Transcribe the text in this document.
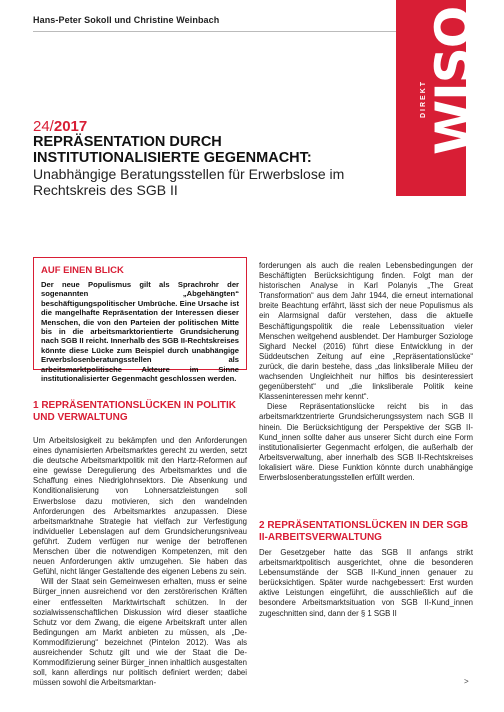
Hans-Peter Sokoll und Christine Weinbach	WISO
DIREKT
24/2017
REPRÄSENTATION DURCH INSTITUTIONALISIERTE GEGENMACHT:
Unabhängige Beratungsstellen für Erwerbslose im Rechtskreis des SGB II
AUF EINEN BLICK
Der neue Populismus gilt als Sprachrohr der sogenannten „Abgehängten“ beschäftigungspolitischer Umbrüche. Eine Ursache ist die mangelhafte Repräsentation der Interessen dieser Menschen, die von den Parteien der politischen Mitte bis in die arbeitsmarktorientierte Grundsicherung nach SGB II reicht. Innerhalb des SGB II-Rechtskreises könnte diese Lücke zum Beispiel durch unabhängige Erwerbslosenberatungsstellen als arbeitsmarktpolitische Akteure im Sinne institutionalisierter Gegenmacht geschlossen werden.
1 REPRÄSENTATIONSLÜCKEN IN POLITIK UND VERWALTUNG

Um Arbeitslosigkeit zu bekämpfen und den Anforderungen eines dynamisierten Arbeitsmarktes gerecht zu werden, setzt die deutsche Arbeitsmarktpolitik mit den Hartz-Reformen auf eine gewisse Deregulierung des Arbeitsmarktes und die Schaffung eines Niedriglohnsektors. Die Absenkung und Konditionalisierung von Lohnersatzleistungen soll Erwerbslose dazu motivieren, sich den wandelnden Anforderungen des Arbeitsmarktes anzupassen. Diese arbeitsmarktnahe Strategie hat vielfach zur Verfestigung individueller Lebenslagen auf dem Grundsicherungsniveau geführt. Zudem verfügen nur wenige der betroffenen Menschen über die notwendigen Kompetenzen, mit den neuen Anforderungen aktiv umzugehen. Sie haben das Gefühl, nicht länger Gestaltende des eigenen Lebens zu sein.

Will der Staat sein Gemeinwesen erhalten, muss er seine Bürger_innen ausreichend vor den zerstörerischen Kräften einer entfesselten Marktwirtschaft schützen. In der sozialwissenschaftlichen Diskussion wird dieser staatliche Schutz vor dem Zwang, die eigene Arbeitskraft unter allen Bedingungen am Markt anbieten zu müssen, als „De-Kommodifizierung“ bezeichnet (Pintelon 2012). Was als ausreichender Schutz gilt und wie der Staat die De-Kommodifizierung seiner Bürger_innen inhaltlich ausgestalten soll, kann allerdings nur politisch definiert werden; dabei müssen sowohl die Arbeitsmarktan-

forderungen als auch die realen Lebensbedingungen der Beschäftigten Berücksichtigung finden. Folgt man der historischen Analyse in Karl Polanyis „The Great Transformation“ aus dem Jahr 1944, die erneut international breite Beachtung erfährt, lässt sich der neue Populismus als ein Alarmsignal dafür verstehen, dass die aktuelle Beschäftigungspolitik die reale Lebenssituation vieler Menschen weitgehend ausblendet. Der Hamburger Soziologe Sighard Neckel (2016) führt diese Entwicklung in der Süddeutschen Zeitung auf eine „Repräsentationslücke“ zurück, die darin bestehe, dass „das linksliberale Milieu der wachsenden Ungleichheit nur hilflos bis desinteressiert gegenübersteht“ und „die linksliberale Politik keine Klasseninteressen mehr kennt“.

Diese Repräsentationslücke reicht bis in das arbeitsmarktzentrierte Grundsicherungssystem nach SGB II hinein. Die Berücksichtigung der Perspektive der SGB II-Kund_innen sollte daher aus unserer Sicht durch eine Form institutionalisierter Gegenmacht erfolgen, die außerhalb der Arbeitsverwaltung, aber innerhalb des SGB II-Rechtskreises lokalisiert wäre. Diese Funktion könnte durch unabhängige Erwerbslosenberatungsstellen erfüllt werden.

2 REPRÄSENTATIONSLÜCKEN IN DER SGB II-ARBEITSVERWALTUNG

Der Gesetzgeber hatte das SGB II anfangs strikt arbeitsmarktpolitisch ausgerichtet, ohne die besonderen Lebensumstände der SGB II-Kund_innen genauer zu berücksichtigen. Später wurde nachgebessert: Erst wurden aktive Leistungen eingeführt, die ausschließlich auf die besondere Arbeitsmarktsituation von SGB II-Kund_innen zugeschnitten sind, dann der § 1 SGB II

>
